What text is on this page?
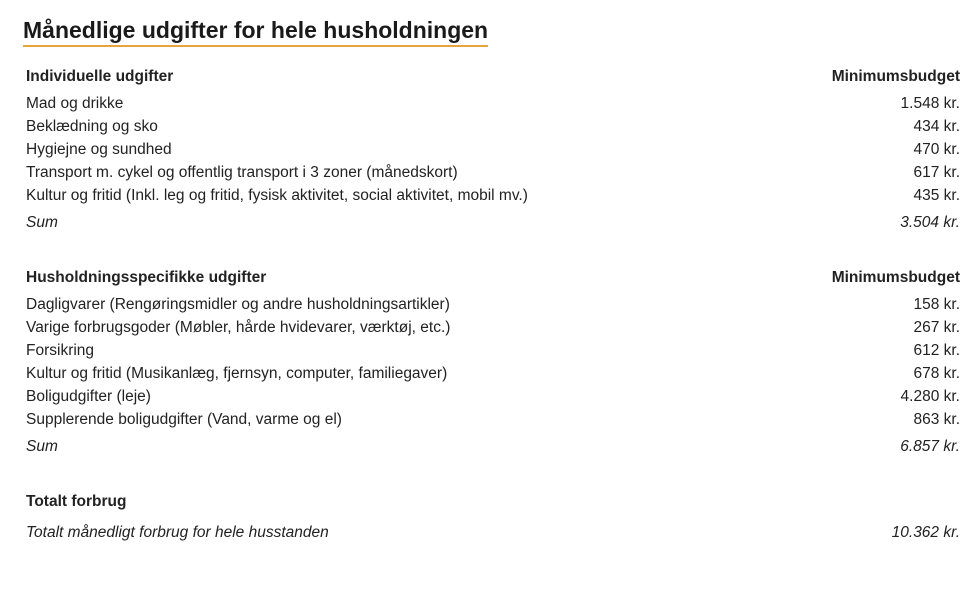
Månedlige udgifter for hele husholdningen
Individuelle udgifter	Minimumsbudget
Mad og drikke	1.548 kr.
Beklædning og sko	434 kr.
Hygiejne og sundhed	470 kr.
Transport m. cykel og offentlig transport i 3 zoner (månedskort)	617 kr.
Kultur og fritid (Inkl. leg og fritid, fysisk aktivitet, social aktivitet, mobil mv.)	435 kr.
Sum	3.504 kr.
Husholdningsspecifikke udgifter	Minimumsbudget
Dagligvarer (Rengøringsmidler og andre husholdningsartikler)	158 kr.
Varige forbrugsgoder (Møbler, hårde hvidevarer, værktøj, etc.)	267 kr.
Forsikring	612 kr.
Kultur og fritid (Musikanlæg, fjernsyn, computer, familiegaver)	678 kr.
Boligudgifter (leje)	4.280 kr.
Supplerende boligudgifter (Vand, varme og el)	863 kr.
Sum	6.857 kr.
Totalt forbrug
Totalt månedligt forbrug for hele husstanden	10.362 kr.
